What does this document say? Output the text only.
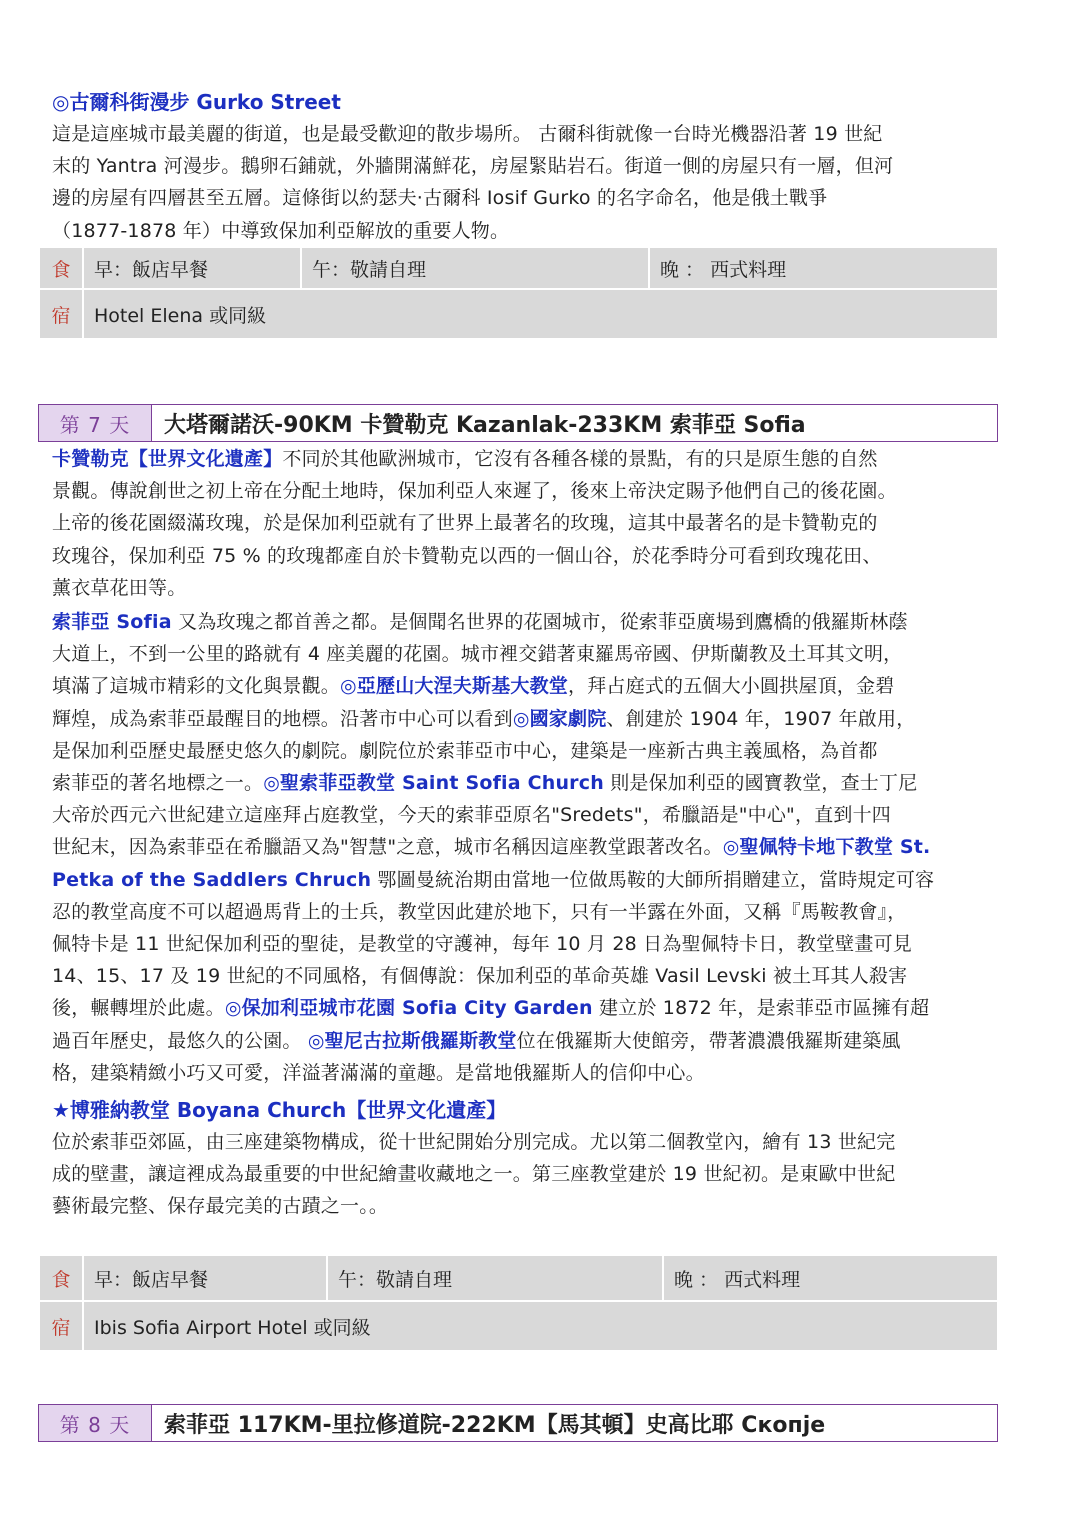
◎古爾科街漫步 Gurko Street

這是這座城市最美麗的街道，也是最受歡迎的散步場所。 古爾科街就像一台時光機器沿著 19 世紀
末的 Yantra 河漫步。鵝卵石鋪就，外牆開滿鮮花，房屋緊貼岩石。街道一側的房屋只有一層，但河
邊的房屋有四層甚至五層。這條街以約瑟夫·古爾科 Iosif Gurko 的名字命名，他是俄土戰爭
（1877-1878 年）中導致保加利亞解放的重要人物。

食	早：飯店早餐	午：敬請自理	晚 ： 西式料理
宿	Hotel Elena 或同級		
第 7 天	大塔爾諾沃-90KM 卡贊勒克 Kazanlak-233KM 索菲亞 Sofia

卡贊勒克【世界文化遺產】不同於其他歐洲城市，它沒有各種各樣的景點，有的只是原生態的自然
景觀。傳說創世之初上帝在分配土地時，保加利亞人來遲了，後來上帝決定賜予他們自己的後花園。
上帝的後花園綴滿玫瑰，於是保加利亞就有了世界上最著名的玫瑰，這其中最著名的是卡贊勒克的
玫瑰谷，保加利亞 75 % 的玫瑰都產自於卡贊勒克以西的一個山谷，於花季時分可看到玫瑰花田、
薰衣草花田等。

索菲亞 Sofia 又為玫瑰之都首善之都。是個聞名世界的花園城市，從索菲亞廣場到鷹橋的俄羅斯林蔭
大道上，不到一公里的路就有 4 座美麗的花園。城市裡交錯著東羅馬帝國、伊斯蘭教及土耳其文明，
填滿了這城市精彩的文化與景觀。◎亞歷山大涅夫斯基大教堂，拜占庭式的五個大小圓拱屋頂，金碧
輝煌，成為索菲亞最醒目的地標。沿著市中心可以看到◎國家劇院、創建於 1904 年，1907 年啟用，
是保加利亞歷史最歷史悠久的劇院。劇院位於索菲亞市中心，建築是一座新古典主義風格，為首都
索菲亞的著名地標之一。◎聖索菲亞教堂 Saint Sofia Church 則是保加利亞的國寶教堂，查士丁尼
大帝於西元六世紀建立這座拜占庭教堂，今天的索菲亞原名"Sredets"，希臘語是"中心"，直到十四
世紀末，因為索菲亞在希臘語又為"智慧"之意，城市名稱因這座教堂跟著改名。◎聖佩特卡地下教堂 St.
Petka of the Saddlers Chruch 鄂圖曼統治期由當地一位做馬鞍的大師所捐贈建立，當時規定可容
忍的教堂高度不可以超過馬背上的士兵，教堂因此建於地下，只有一半露在外面，又稱『馬鞍教會』，
佩特卡是 11 世紀保加利亞的聖徒，是教堂的守護神，每年 10 月 28 日為聖佩特卡日，教堂壁畫可見
14、15、17 及 19 世紀的不同風格，有個傳說：保加利亞的革命英雄 Vasil Levski 被土耳其人殺害
後，輾轉埋於此處。◎保加利亞城市花園 Sofia City Garden 建立於 1872 年，是索菲亞市區擁有超
過百年歷史，最悠久的公園。 ◎聖尼古拉斯俄羅斯教堂位在俄羅斯大使館旁，帶著濃濃俄羅斯建築風
格，建築精緻小巧又可愛，洋溢著滿滿的童趣。是當地俄羅斯人的信仰中心。

★博雅納教堂 Boyana Church【世界文化遺產】

位於索菲亞郊區，由三座建築物構成，從十世紀開始分別完成。尤以第二個教堂內，繪有 13 世紀完
成的壁畫，讓這裡成為最重要的中世紀繪畫收藏地之一。第三座教堂建於 19 世紀初。是東歐中世紀
藝術最完整、保存最完美的古蹟之一。。

食	早：飯店早餐	午：敬請自理	晚 ： 西式料理
宿	Ibis Sofia Airport Hotel 或同級		
第 8 天	索菲亞 117KM-里拉修道院-222KM【馬其頓】史高比耶 Скопје
